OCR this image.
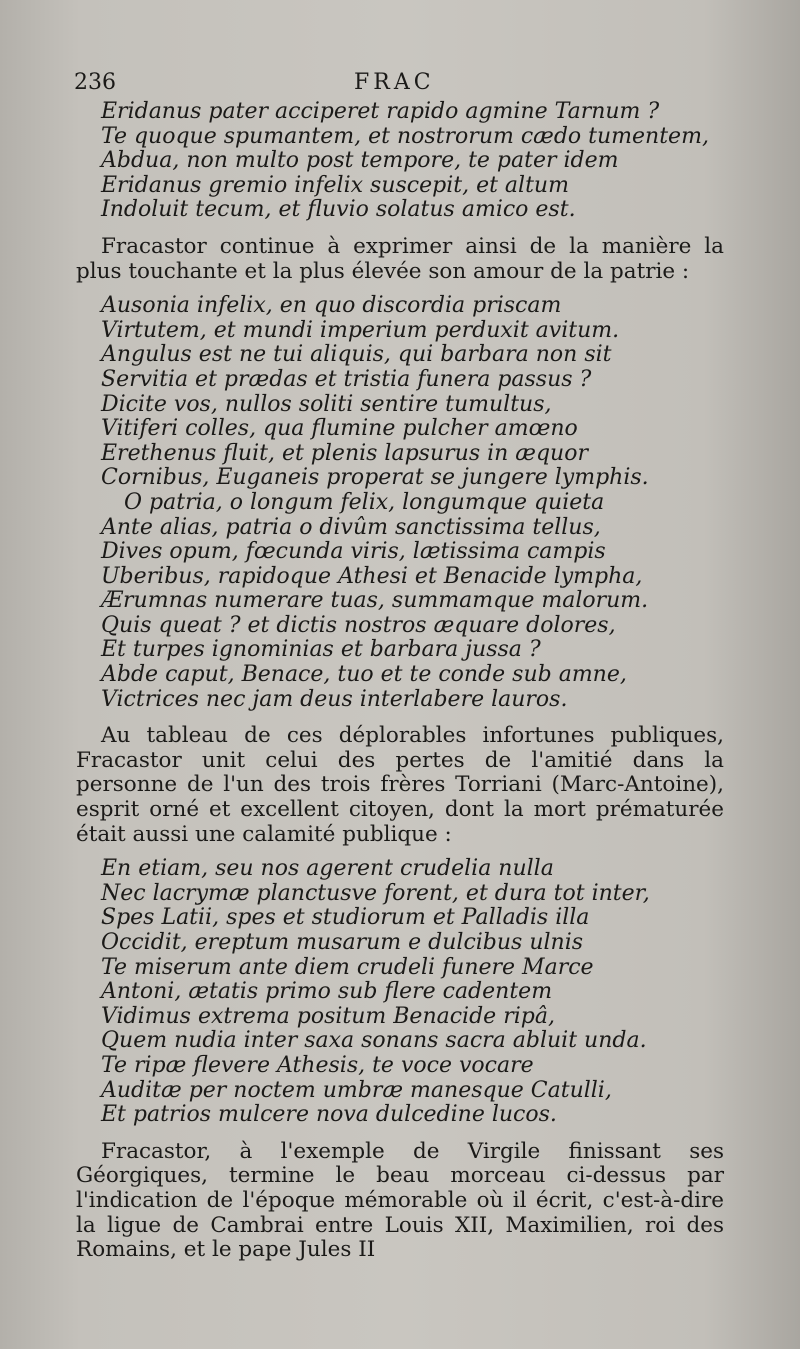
236	FRAC
Eridanus pater acciperet rapido agmine Tarnum ?
Te quoque spumantem, et nostrorum cædo tumentem,
Abdua, non multo post tempore, te pater idem
Eridanus gremio infelix suscepit, et altum
Indoluit tecum, et fluvio solatus amico est.

Fracastor continue à exprimer ainsi de la manière la plus touchante et la plus élevée son amour de la patrie :

Ausonia infelix, en quo discordia priscam
Virtutem, et mundi imperium perduxit avitum.
Angulus est ne tui aliquis, qui barbara non sit
Servitia et prædas et tristia funera passus ?
Dicite vos, nullos soliti sentire tumultus,
Vitiferi colles, qua flumine pulcher amœno
Erethenus fluit, et plenis lapsurus in æquor
Cornibus, Euganeis properat se jungere lymphis.
O patria, o longum felix, longumque quieta
Ante alias, patria o divûm sanctissima tellus,
Dives opum, fœcunda viris, lætissima campis
Uberibus, rapidoque Athesi et Benacide lympha,
Ærumnas numerare tuas, summamque malorum.
Quis queat ? et dictis nostros æquare dolores,
Et turpes ignominias et barbara jussa ?
Abde caput, Benace, tuo et te conde sub amne,
Victrices nec jam deus interlabere lauros.

Au tableau de ces déplorables infortunes publiques, Fracastor unit celui des pertes de l'amitié dans la personne de l'un des trois frères Torriani (Marc-Antoine), esprit orné et excellent citoyen, dont la mort prématurée était aussi une calamité publique :

En etiam, seu nos agerent crudelia nulla
Nec lacrymæ planctusve forent, et dura tot inter,
Spes Latii, spes et studiorum et Palladis illa
Occidit, ereptum musarum e dulcibus ulnis
Te miserum ante diem crudeli funere Marce
Antoni, ætatis primo sub flere cadentem
Vidimus extrema positum Benacide ripâ,
Quem nudia inter saxa sonans sacra abluit unda.
Te ripæ flevere Athesis, te voce vocare
Auditæ per noctem umbræ manesque Catulli,
Et patrios mulcere nova dulcedine lucos.

Fracastor, à l'exemple de Virgile finissant ses Géorgiques, termine le beau morceau ci-dessus par l'indication de l'époque mémorable où il écrit, c'est-à-dire la ligue de Cambrai entre Louis XII, Maximilien, roi des Romains, et le pape Jules II
